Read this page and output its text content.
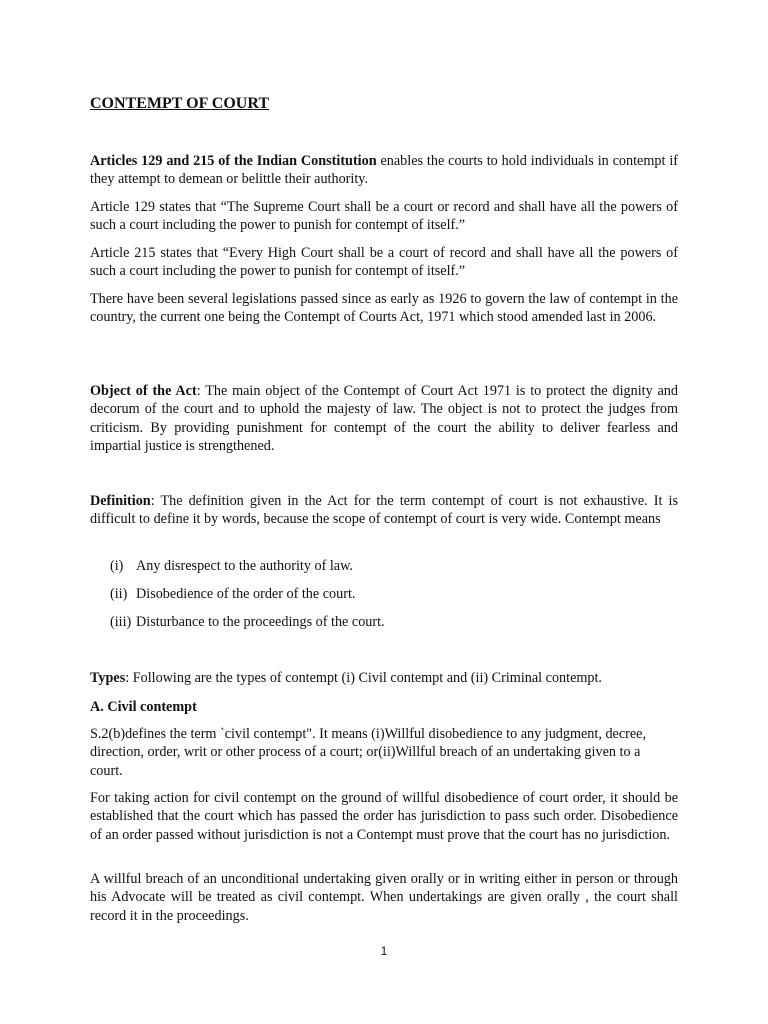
CONTEMPT OF COURT
Articles 129 and 215 of the Indian Constitution enables the courts to hold individuals in contempt if they attempt to demean or belittle their authority.
Article 129 states that “The Supreme Court shall be a court or record and shall have all the powers of such a court including the power to punish for contempt of itself.”
Article 215 states that “Every High Court shall be a court of record and shall have all the powers of such a court including the power to punish for contempt of itself.”
There have been several legislations passed since as early as 1926 to govern the law of contempt in the country, the current one being the Contempt of Courts Act, 1971 which stood amended last in 2006.
Object of the Act: The main object of the Contempt of Court Act 1971 is to protect the dignity and decorum of the court and to uphold the majesty of law. The object is not to protect the judges from criticism. By providing punishment for contempt of the court the ability to deliver fearless and impartial justice is strengthened.
Definition: The definition given in the Act for the term contempt of court is not exhaustive. It is difficult to define it by words, because the scope of contempt of court is very wide. Contempt means
(i) Any disrespect to the authority of law.
(ii) Disobedience of the order of the court.
(iii) Disturbance to the proceedings of the court.
Types: Following are the types of contempt (i) Civil contempt and (ii) Criminal contempt.
A. Civil contempt
S.2(b)defines the term `civil contempt". It means (i)Willful disobedience to any judgment, decree,
direction, order, writ or other process of a court; or(ii)Willful breach of an undertaking given to a
court.
For taking action for civil contempt on the ground of willful disobedience of court order, it should be established that the court which has passed the order has jurisdiction to pass such order. Disobedience of an order passed without jurisdiction is not a Contempt must prove that the court has no jurisdiction.
A willful breach of an unconditional undertaking given orally or in writing either in person or through his Advocate will be treated as civil contempt. When undertakings are given orally , the court shall record it in the proceedings.
1
